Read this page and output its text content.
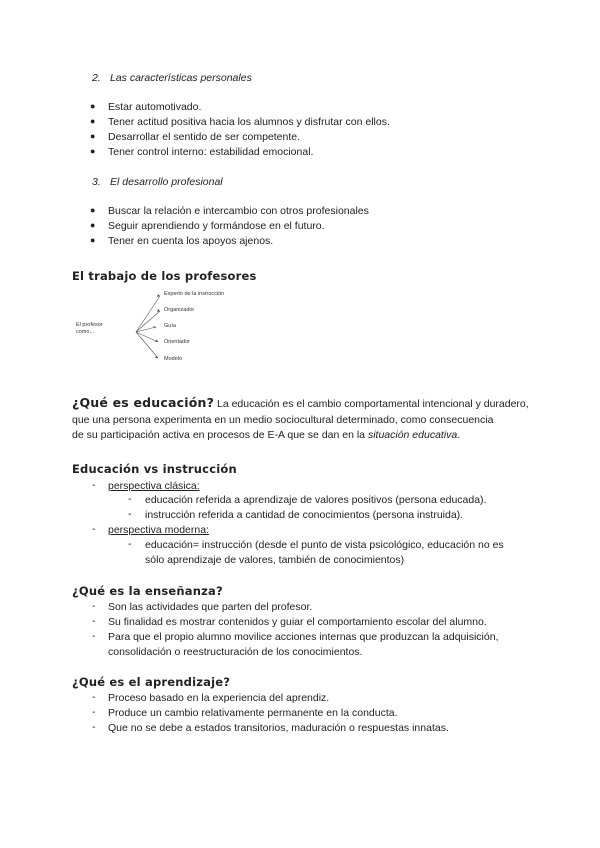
2. Las características personales
● Estar automotivado.
● Tener actitud positiva hacia los alumnos y disfrutar con ellos.
● Desarrollar el sentido de ser competente.
● Tener control interno: estabilidad emocional.
3. El desarrollo profesional
● Buscar la relación e intercambio con otros profesionales
● Seguir aprendiendo y formándose en el futuro.
● Tener en cuenta los apoyos ajenos.
El trabajo de los profesores
El profesor
como...
Experto de la instrucción
Organizador
Guía
Orientador
Modelo
¿Qué es educación? La educación es el cambio comportamental intencional y duradero,
que una persona experimenta en un medio sociocultural determinado, como consecuencia
de su participación activa en procesos de E-A que se dan en la situación educativa.
Educación vs instrucción
- perspectiva clásica:
- educación referida a aprendizaje de valores positivos (persona educada).
- instrucción referida a cantidad de conocimientos (persona instruida).
- perspectiva moderna:
- educación= instrucción (desde el punto de vista psicológico, educación no es
sólo aprendizaje de valores, también de conocimientos)
¿Qué es la enseñanza?
- Son las actividades que parten del profesor.
- Su finalidad es mostrar contenidos y guiar el comportamiento escolar del alumno.
- Para que el propio alumno movilice acciones internas que produzcan la adquisición,
consolidación o reestructuración de los conocimientos.
¿Qué es el aprendizaje?
- Proceso basado en la experiencia del aprendiz.
- Produce un cambio relativamente permanente en la conducta.
- Que no se debe a estados transitorios, maduración o respuestas innatas.
